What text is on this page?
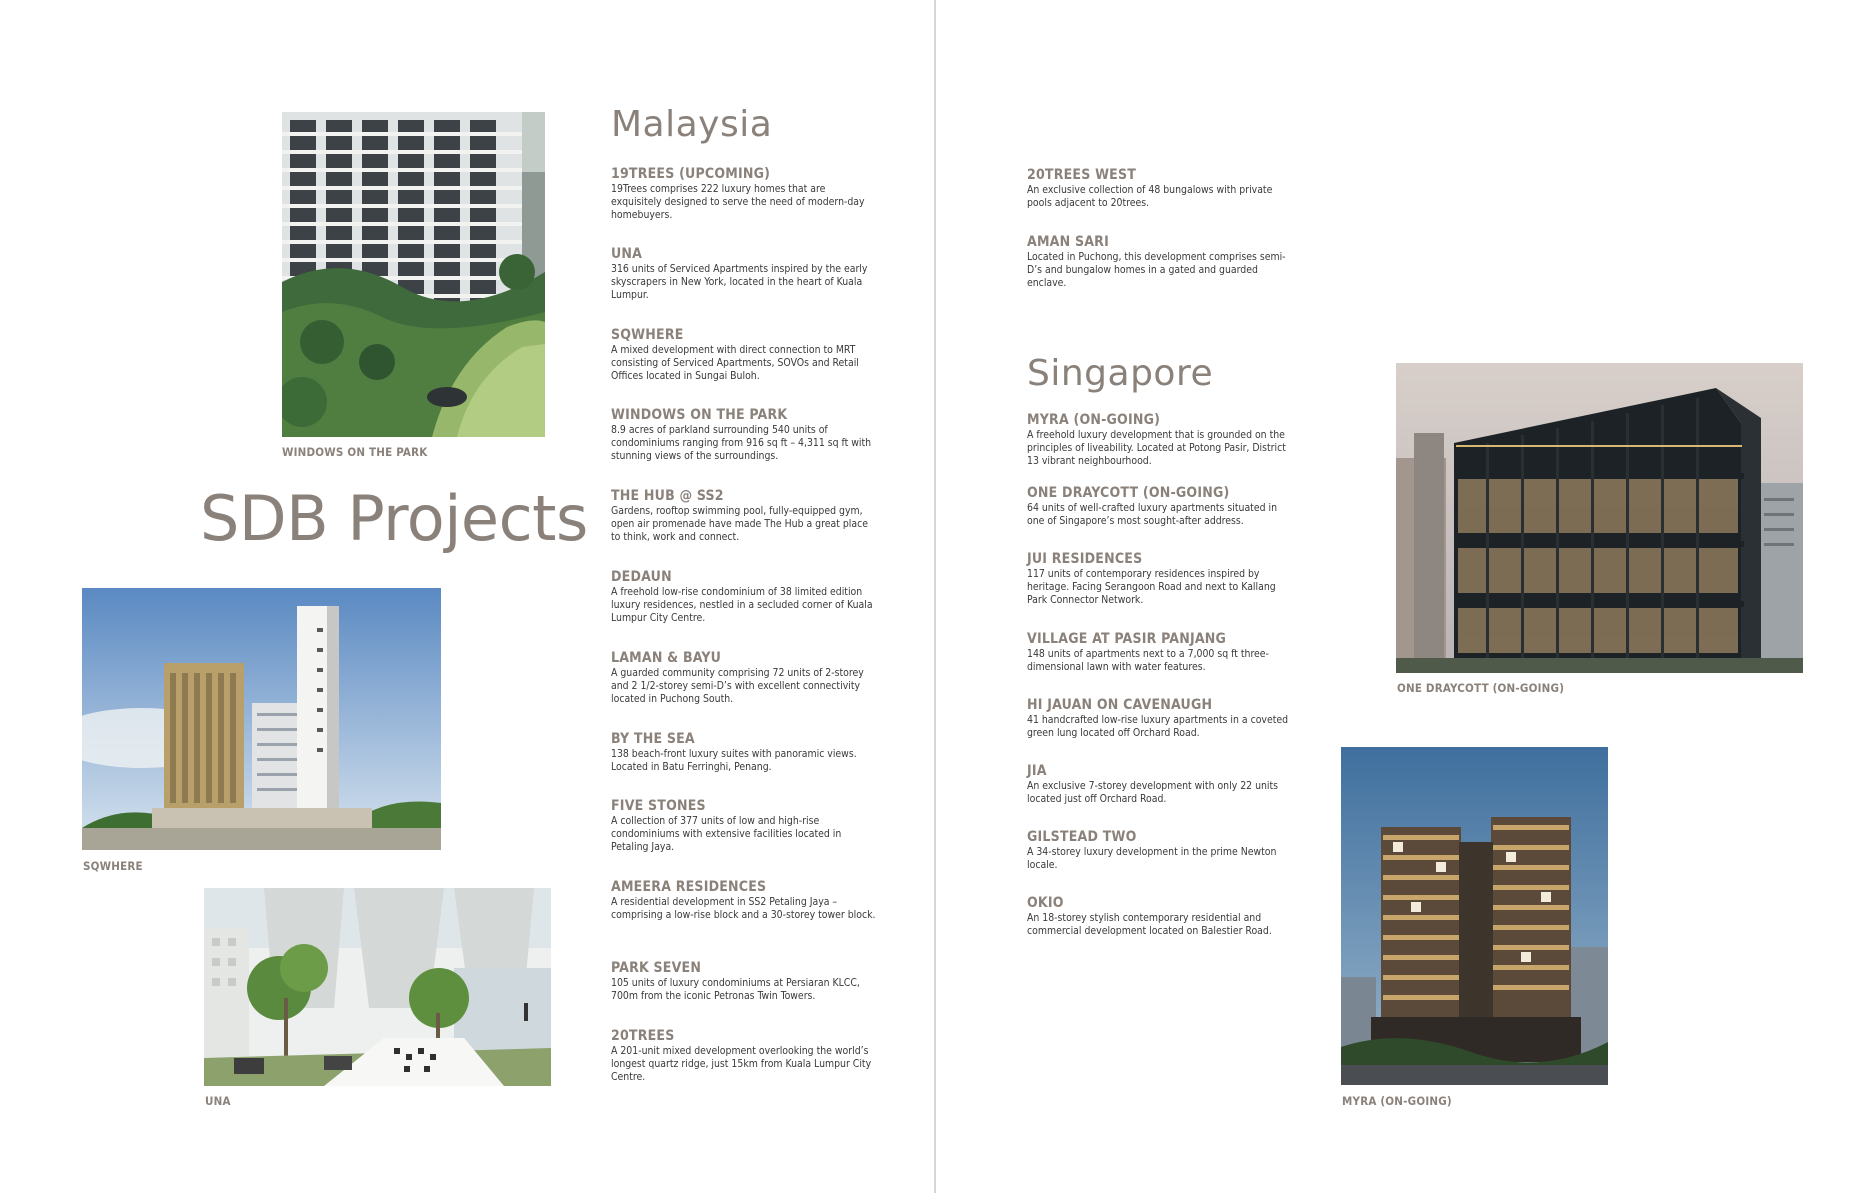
WINDOWS ON THE PARK
SDB Projects
SQWHERE
UNA
Malaysia
19TREES (UPCOMING)
19Trees comprises 222 luxury homes that are exquisitely designed to serve the need of modern-day homebuyers.
UNA
316 units of Serviced Apartments inspired by the early skyscrapers in New York, located in the heart of Kuala Lumpur.
SQWHERE
A mixed development with direct connection to MRT consisting of Serviced Apartments, SOVOs and Retail Offices located in Sungai Buloh.
WINDOWS ON THE PARK
8.9 acres of parkland surrounding 540 units of condominiums ranging from 916 sq ft – 4,311 sq ft with stunning views of the surroundings.
THE HUB @ SS2
Gardens, rooftop swimming pool, fully-equipped gym, open air promenade have made The Hub a great place to think, work and connect.
DEDAUN
A freehold low-rise condominium of 38 limited edition luxury residences, nestled in a secluded corner of Kuala Lumpur City Centre.
LAMAN & BAYU
A guarded community comprising 72 units of 2-storey and 2 1/2-storey semi-D’s with excellent connectivity located in Puchong South.
BY THE SEA
138 beach-front luxury suites with panoramic views. Located in Batu Ferringhi, Penang.
FIVE STONES
A collection of 377 units of low and high-rise condominiums with extensive facilities located in Petaling Jaya.
AMEERA RESIDENCES
A residential development in SS2 Petaling Jaya – comprising a low-rise block and a 30-storey tower block.
PARK SEVEN
105 units of luxury condominiums at Persiaran KLCC, 700m from the iconic Petronas Twin Towers.
20TREES
A 201-unit mixed development overlooking the world’s longest quartz ridge, just 15km from Kuala Lumpur City Centre.
20TREES WEST
An exclusive collection of 48 bungalows with private pools adjacent to 20trees.
AMAN SARI
Located in Puchong, this development comprises semi-D’s and bungalow homes in a gated and guarded enclave.
Singapore
MYRA (ON-GOING)
A freehold luxury development that is grounded on the principles of liveability. Located at Potong Pasir, District 13 vibrant neighbourhood.
ONE DRAYCOTT (ON-GOING)
64 units of well-crafted luxury apartments situated in one of Singapore’s most sought-after address.
JUI RESIDENCES
117 units of contemporary residences inspired by heritage. Facing Serangoon Road and next to Kallang Park Connector Network.
VILLAGE AT PASIR PANJANG
148 units of apartments next to a 7,000 sq ft three-dimensional lawn with water features.
HI JAUAN ON CAVENAUGH
41 handcrafted low-rise luxury apartments in a coveted green lung located off Orchard Road.
JIA
An exclusive 7-storey development with only 22 units located just off Orchard Road.
GILSTEAD TWO
A 34-storey luxury development in the prime Newton locale.
OKIO
An 18-storey stylish contemporary residential and commercial development located on Balestier Road.
ONE DRAYCOTT (ON-GOING)
MYRA (ON-GOING)
